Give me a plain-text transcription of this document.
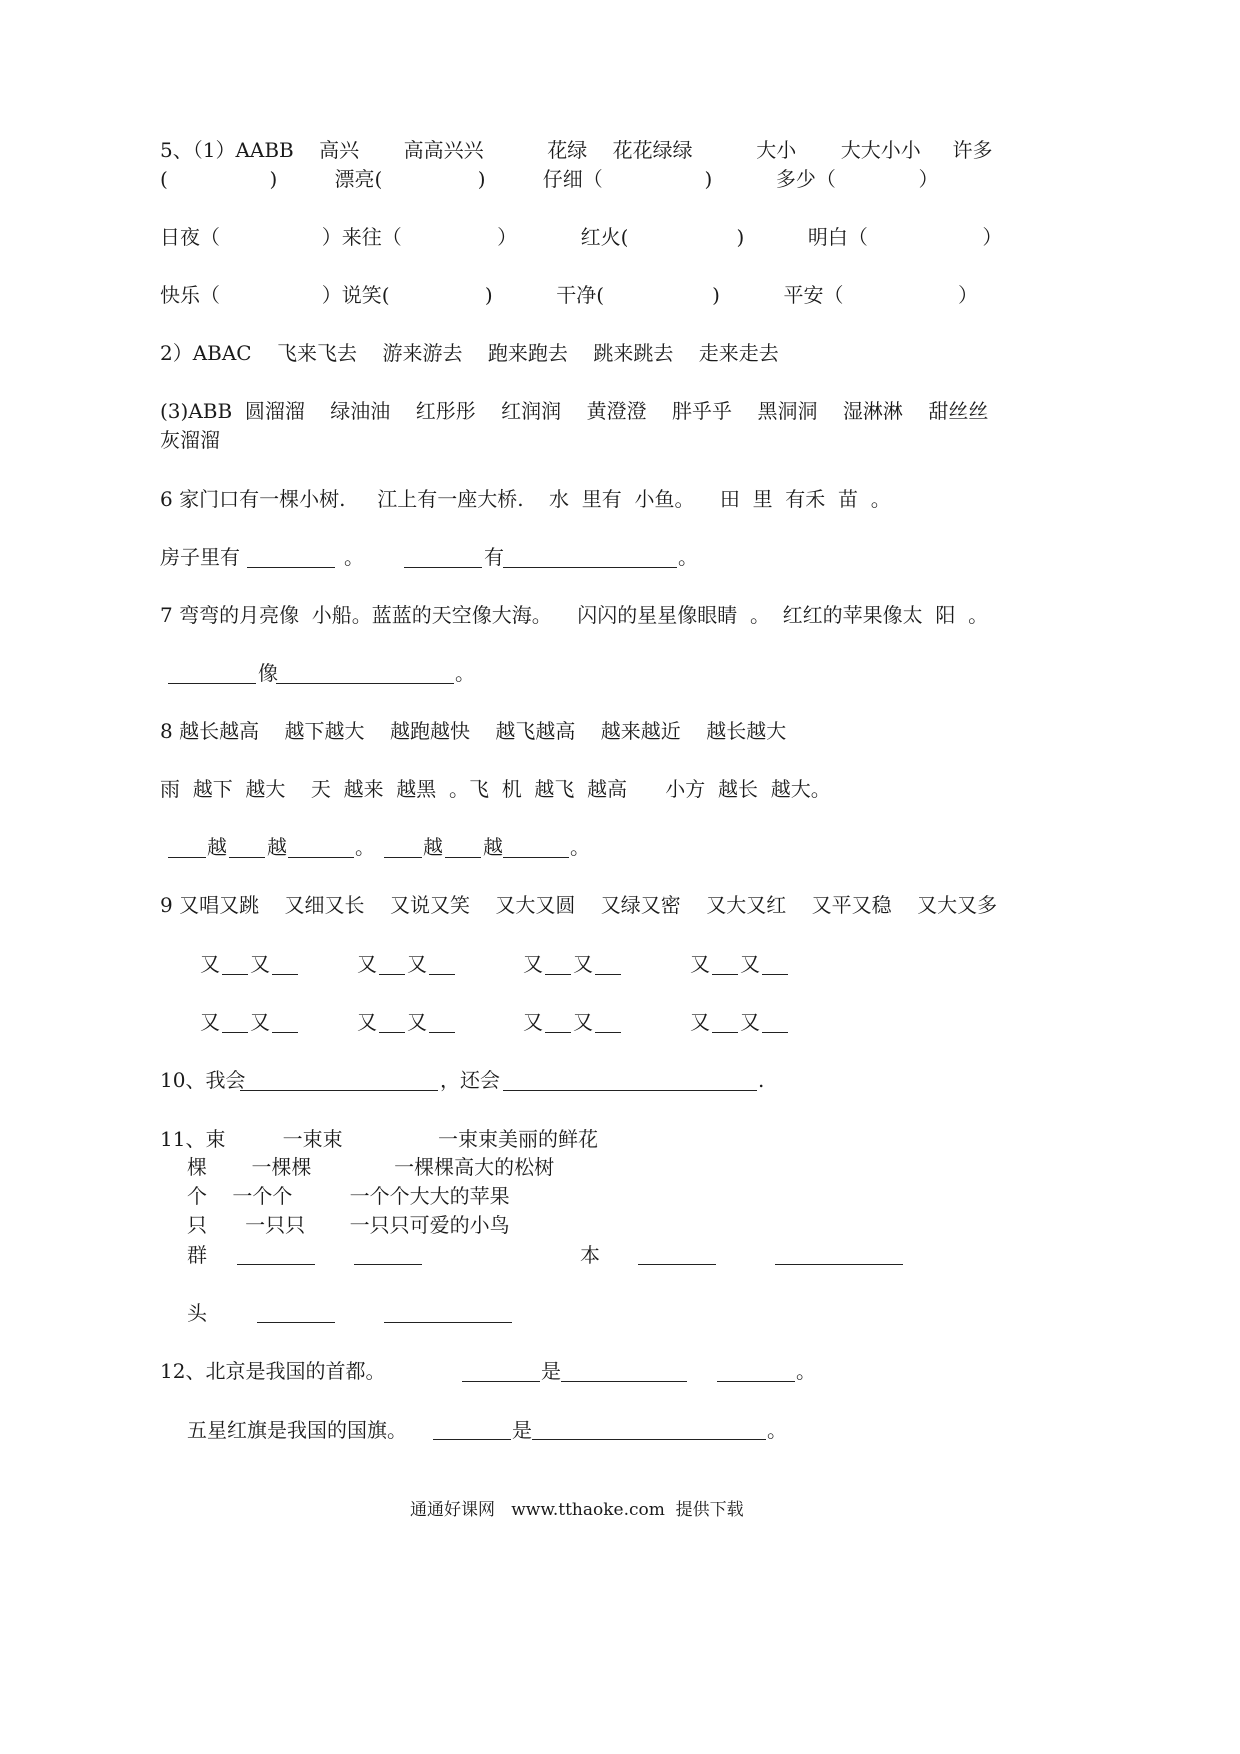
5、（1）AABB    高兴       高高兴兴          花绿    花花绿绿          大小       大大小小     许多
(                )         漂亮(               )         仔细（                )          多少（             ）
日夜（                ）来往（               ）          红火(                 )          明白（                  ）
快乐（                ）说笑(               )          干净(                 )          平安（                  ）
2）ABAC    飞来飞去    游来游去    跑来跑去    跳来跳去    走来走去
(3)ABB  圆溜溜    绿油油    红彤彤    红润润    黄澄澄    胖乎乎    黑洞洞    湿淋淋    甜丝丝
灰溜溜
6 家门口有一棵小树.     江上有一座大桥.    水  里有  小鱼。    田  里  有禾  苗  。
房子里有	。	有	。
7 弯弯的月亮像  小船。蓝蓝的天空像大海。    闪闪的星星像眼睛  。  红红的苹果像太  阳  。
像	。
8 越长越高    越下越大    越跑越快    越飞越高    越来越近    越长越大
雨  越下  越大    天  越来  越黑  。飞  机  越飞  越高      小方  越长  越大。
越 越	。 越 越	。
9 又唱又跳    又细又长    又说又笑    又大又圆    又绿又密    又大又红    又平又稳    又大又多
又 又	又 又	又 又	又 又
又 又	又 又	又 又	又 又
10、我会	，还会	.
11、束         一束束               一束束美丽的鲜花
棵       一棵棵             一棵棵高大的松树
个    一个个         一个个大大的苹果
只      一只只       一只只可爱的小鸟
群	本
头
12、北京是我国的首都。	是	。
五星红旗是我国的国旗。	是	。
通通好课网   www.tthaoke.com  提供下载
